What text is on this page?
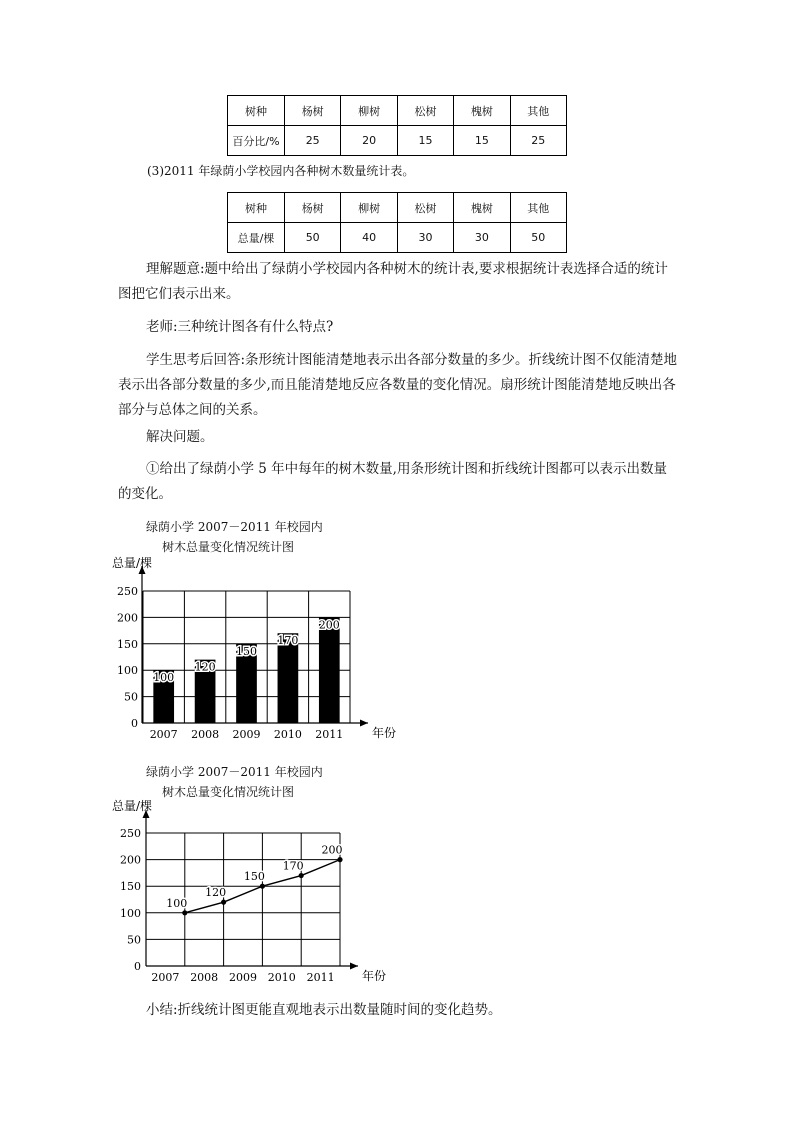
树种	杨树	柳树	松树	槐树	其他
百分比/%	25	20	15	15	25
(3)2011 年绿荫小学校园内各种树木数量统计表。
树种	杨树	柳树	松树	槐树	其他
总量/棵	50	40	30	30	50
理解题意:题中给出了绿荫小学校园内各种树木的统计表,要求根据统计表选择合适的统计图把它们表示出来。
老师:三种统计图各有什么特点?
学生思考后回答:条形统计图能清楚地表示出各部分数量的多少。折线统计图不仅能清楚地表示出各部分数量的多少,而且能清楚地反应各数量的变化情况。扇形统计图能清楚地反映出各部分与总体之间的关系。
解决问题。
①给出了绿荫小学 5 年中每年的树木数量,用条形统计图和折线统计图都可以表示出数量的变化。
绿荫小学 2007－2011 年校园内
树木总量变化情况统计图
0
50
100
150
200
250
总量/棵
年份
2007 2008 2009 2010 2011
100
120
150
170
200
绿荫小学 2007－2011 年校园内
树木总量变化情况统计图
0
50
100
150
200
250
总量/棵
年份
2007 2008 2009 2010 2011
100
120
150
170
200
小结:折线统计图更能直观地表示出数量随时间的变化趋势。
